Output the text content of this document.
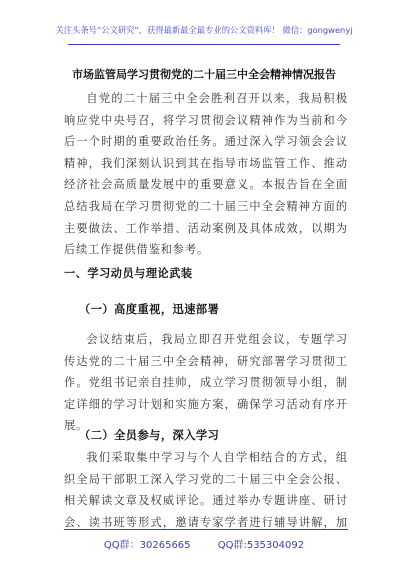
关注头条号“公文研究”，获得最新最全最专业的公文资料库！ 微信：gongwenyj
市场监管局学习贯彻党的二十届三中全会精神情况报告

自党的二十届三中全会胜利召开以来，我局积极响应党中央号召，将学习贯彻会议精神作为当前和今后一个时期的重要政治任务。通过深入学习领会会议精神，我们深刻认识到其在指导市场监管工作、推动经济社会高质量发展中的重要意义。本报告旨在全面总结我局在学习贯彻党的二十届三中全会精神方面的主要做法、工作举措、活动案例及具体成效，以期为后续工作提供借鉴和参考。

一、学习动员与理论武装
（一）高度重视，迅速部署

会议结束后，我局立即召开党组会议，专题学习传达党的二十届三中全会精神，研究部署学习贯彻工作。党组书记亲自挂帅，成立学习贯彻领导小组，制定详细的学习计划和实施方案，确保学习活动有序开展。

（二）全员参与，深入学习

我们采取集中学习与个人自学相结合的方式，组织全局干部职工深入学习党的二十届三中全会公报、相关解读文章及权威评论。通过举办专题讲座、研讨会、读书班等形式，邀请专家学者进行辅导讲解，加

QQ群：30265665	QQ群:535304092
